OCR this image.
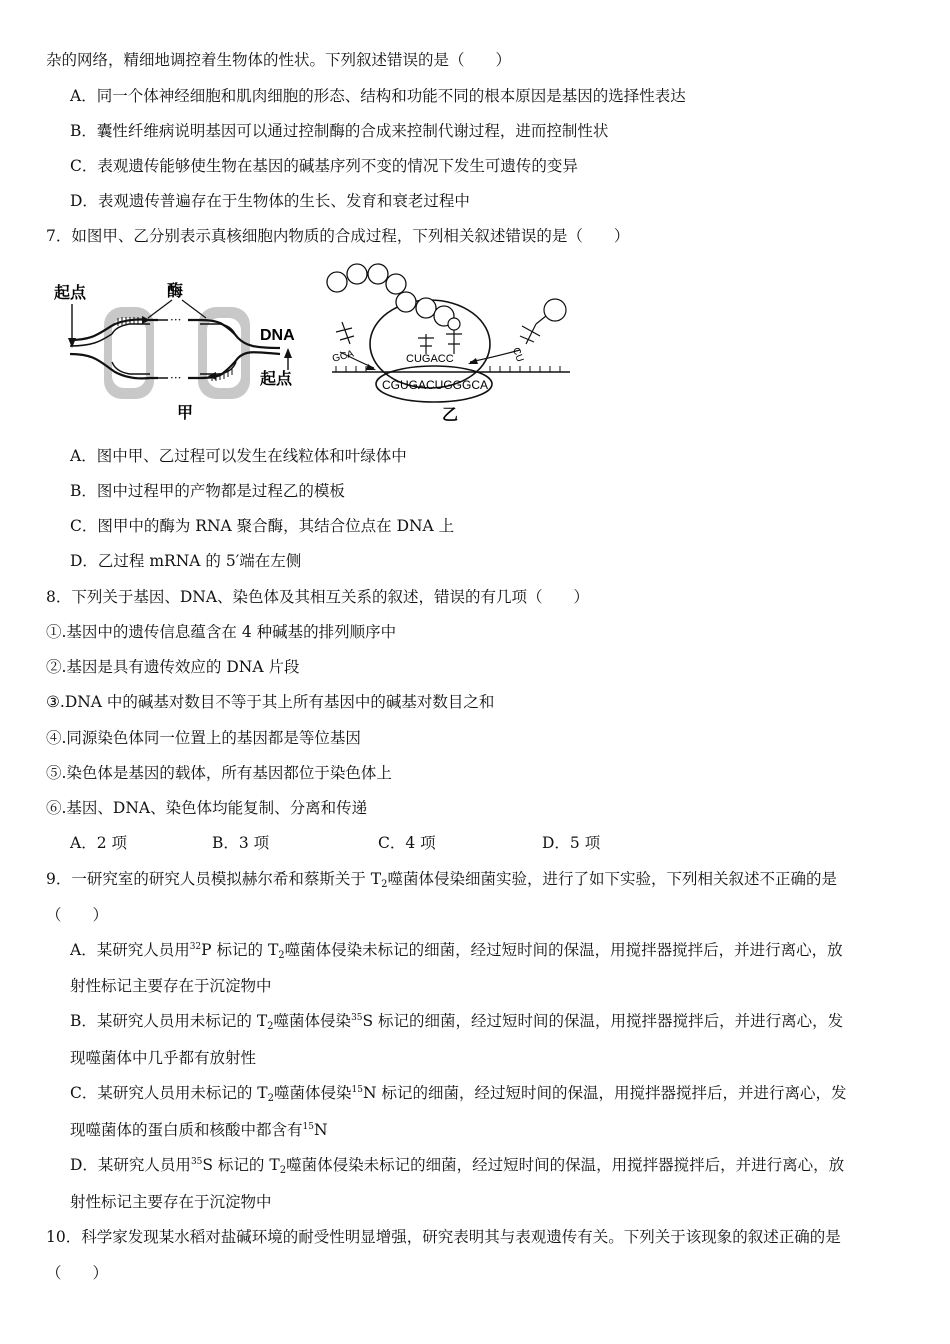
杂的网络，精细地调控着生物体的性状。下列叙述错误的是（　　）
A．同一个体神经细胞和肌肉细胞的形态、结构和功能不同的根本原因是基因的选择性表达
B．囊性纤维病说明基因可以通过控制酶的合成来控制代谢过程，进而控制性状
C．表观遗传能够使生物在基因的碱基序列不变的情况下发生可遗传的变异
D．表观遗传普遍存在于生物体的生长、发育和衰老过程中
7．如图甲、乙分别表示真核细胞内物质的合成过程，下列相关叙述错误的是（　　）
···
···
起点	酶
DNA
起点
甲
CGUGACUGGGCA
CUGACC
GCA	CU
乙
A．图中甲、乙过程可以发生在线粒体和叶绿体中
B．图中过程甲的产物都是过程乙的模板
C．图甲中的酶为 RNA 聚合酶，其结合位点在 DNA 上
D．乙过程 mRNA 的 5′端在左侧
8．下列关于基因、DNA、染色体及其相互关系的叙述，错误的有几项（　　）
①.基因中的遗传信息蕴含在 4 种碱基的排列顺序中
②.基因是具有遗传效应的 DNA 片段
③.DNA 中的碱基对数目不等于其上所有基因中的碱基对数目之和
④.同源染色体同一位置上的基因都是等位基因
⑤.染色体是基因的载体，所有基因都位于染色体上
⑥.基因、DNA、染色体均能复制、分离和传递
A．2 项	B．3 项	C．4 项	D．5 项
9．一研究室的研究人员模拟赫尔希和蔡斯关于 $T_2$噬菌体侵染细菌实验，进行了如下实验，下列相关叙述不正确的是
（　　）
A．某研究人员用$^{32}$P 标记的 $T_2$噬菌体侵染未标记的细菌，经过短时间的保温，用搅拌器搅拌后，并进行离心，放
射性标记主要存在于沉淀物中
B．某研究人员用未标记的 $T_2$噬菌体侵染$^{35}$S 标记的细菌，经过短时间的保温，用搅拌器搅拌后，并进行离心，发
现噬菌体中几乎都有放射性
C．某研究人员用未标记的 $T_2$噬菌体侵染$^{15}$N 标记的细菌，经过短时间的保温，用搅拌器搅拌后，并进行离心，发
现噬菌体的蛋白质和核酸中都含有$^{15}$N
D．某研究人员用$^{35}$S 标记的 $T_2$噬菌体侵染未标记的细菌，经过短时间的保温，用搅拌器搅拌后，并进行离心，放
射性标记主要存在于沉淀物中
10．科学家发现某水稻对盐碱环境的耐受性明显增强，研究表明其与表观遗传有关。下列关于该现象的叙述正确的是
（　　）
